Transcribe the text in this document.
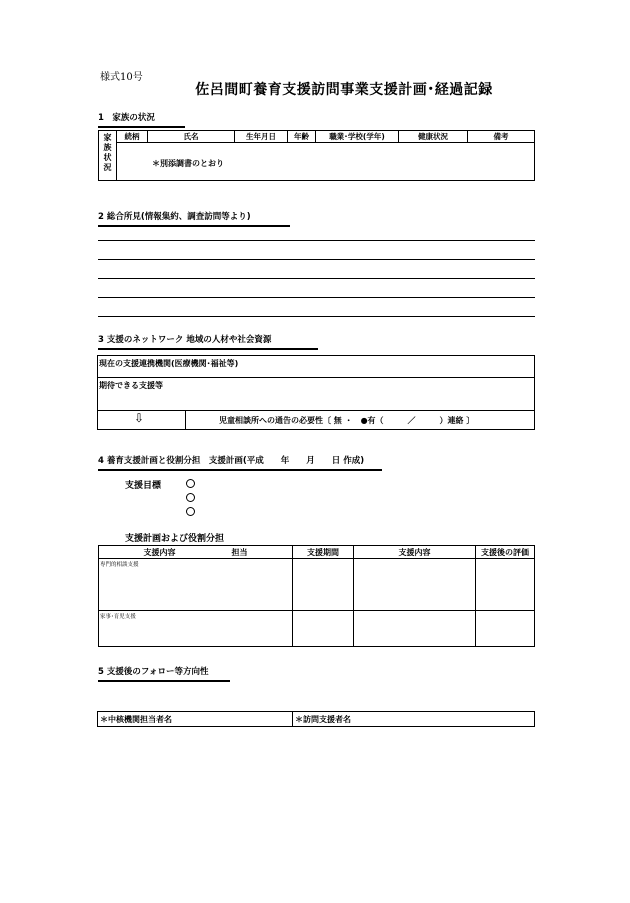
様式10号
佐呂間町養育支援訪問事業支援計画･経過記録
1　家族の状況
家
族
状
況
	続柄	氏名	生年月日	年齢	職業･学校(学年)	健康状況	備考

＊別添調書のとおり
2 総合所見(情報集約、調査訪問等より)
3 支援のネットワーク 地域の人材や社会資源
現在の支援連携機関(医療機関･福祉等)
期待できる支援等
⇩	児童相談所への通告の必要性〔 無 ・　●有（　　　／　　　）連絡 〕
4 養育支援計画と役割分担　支援計画(平成　　年　　月　　日 作成)
支援目標
支援計画および役割分担
支援内容　　　　　　　担当	支援期間	支援内容	支援後の評価

専門的相談支援			

家事･育児支援			

5 支援後のフォロー等方向性
＊中核機関担当者名	＊訪問支援者名
